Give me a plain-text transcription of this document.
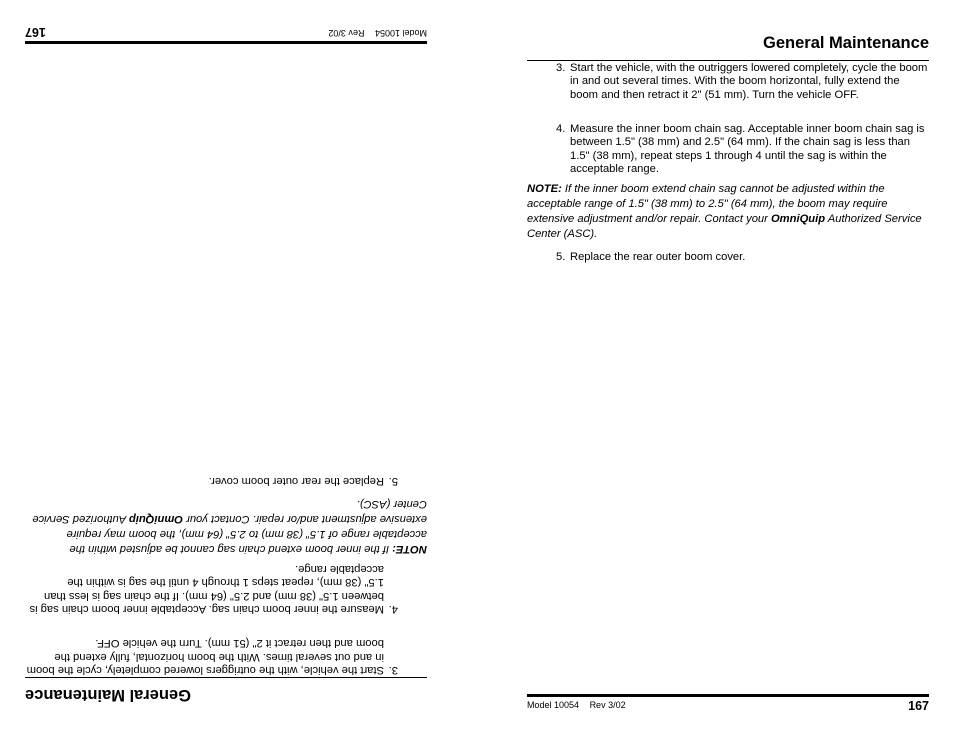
General Maintenance

3.
Start the vehicle, with the outriggers lowered completely, cycle the boom in and out several times. With the boom horizontal, fully extend the boom and then retract it 2" (51 mm). Turn the vehicle OFF.

4.
Measure the inner boom chain sag. Acceptable inner boom chain sag is between 1.5" (38 mm) and 2.5" (64 mm). If the chain sag is less than 1.5" (38 mm), repeat steps 1 through 4 until the sag is within the acceptable range.

NOTE: If the inner boom extend chain sag cannot be adjusted within the acceptable range of 1.5" (38 mm) to 2.5" (64 mm), the boom may require extensive adjustment and/or repair. Contact your OmniQuip Authorized Service Center (ASC).

5.
Replace the rear outer boom cover.

Model 10054 Rev 3/02
167
General Maintenance

3. Start the vehicle, with the outriggers lowered completely, cycle the boom in and out several times. With the boom horizontal, fully extend the boom and then retract it 2" (51 mm). Turn the vehicle OFF.

4. Measure the inner boom chain sag. Acceptable inner boom chain sag is between 1.5" (38 mm) and 2.5" (64 mm). If the chain sag is less than 1.5" (38 mm), repeat steps 1 through 4 until the sag is within the acceptable range.

NOTE: If the inner boom extend chain sag cannot be adjusted within the acceptable range of 1.5" (38 mm) to 2.5" (64 mm), the boom may require extensive adjustment and/or repair. Contact your OmniQuip Authorized Service Center (ASC).

5. Replace the rear outer boom cover.

Model 10054 Rev 3/02	167
